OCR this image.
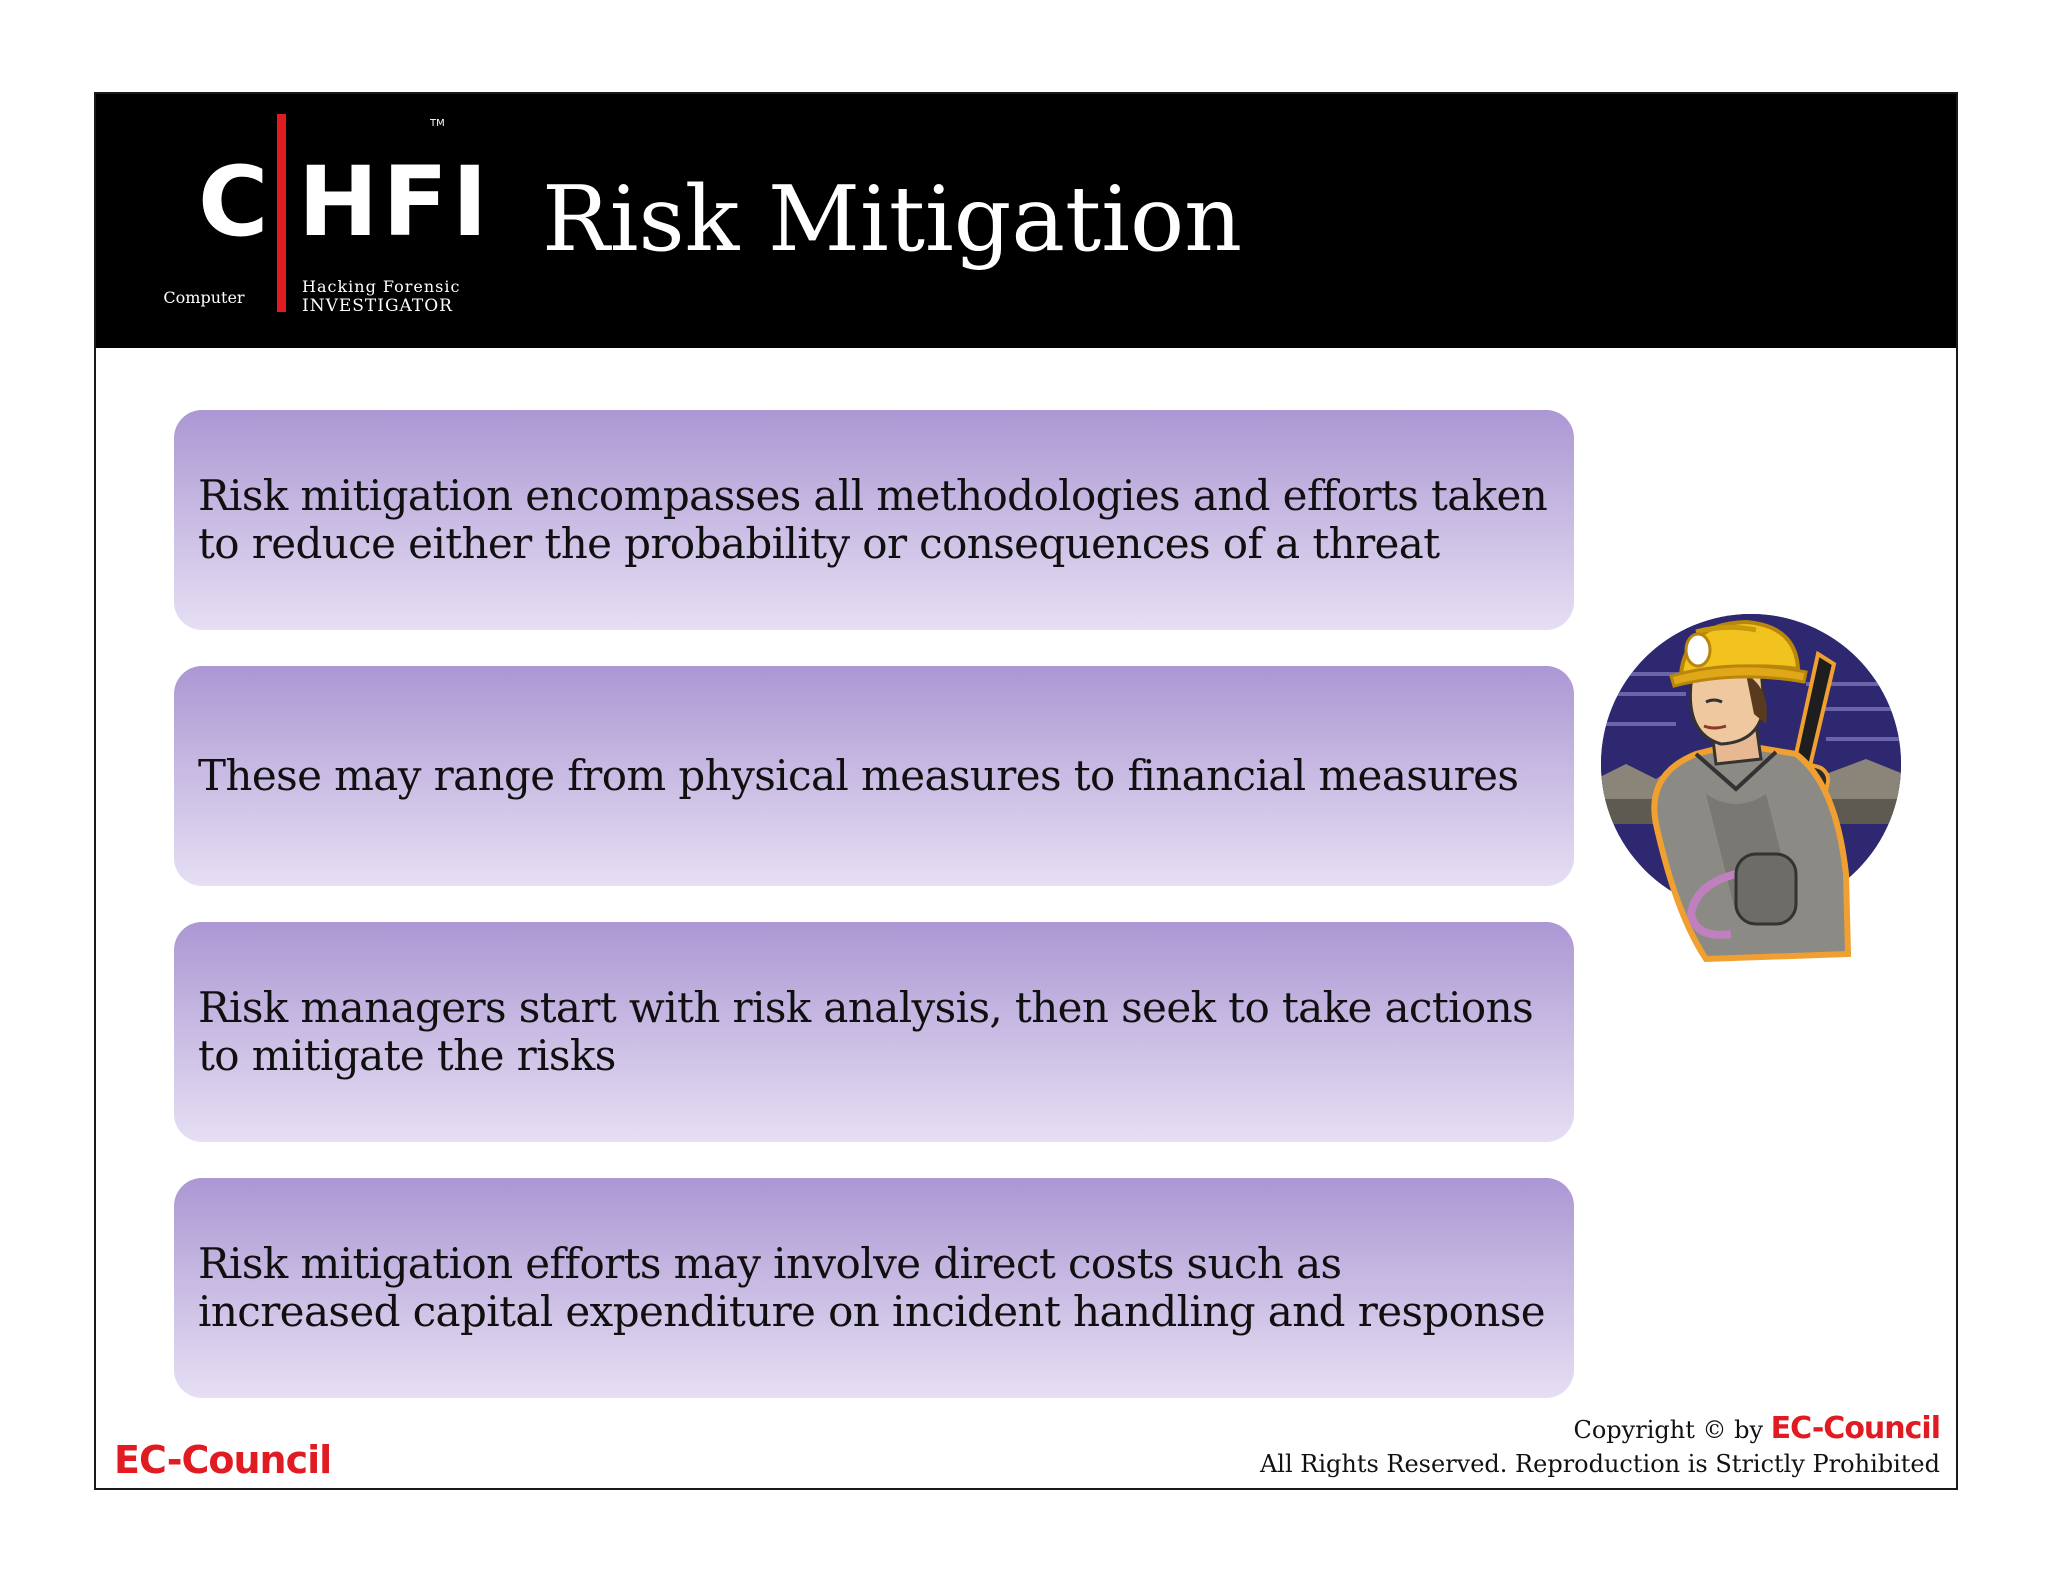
C HFI
TM
Computer
Hacking Forensic
INVESTIGATOR
Risk Mitigation
Risk mitigation encompasses all methodologies and efforts taken to reduce either the probability or consequences of a threat
These may range from physical measures to financial measures
Risk managers start with risk analysis, then seek to take actions to mitigate the risks
Risk mitigation efforts may involve direct costs such as increased capital expenditure on incident handling and response
EC-Council
Copyright © by EC-Council
All Rights Reserved. Reproduction is Strictly Prohibited
